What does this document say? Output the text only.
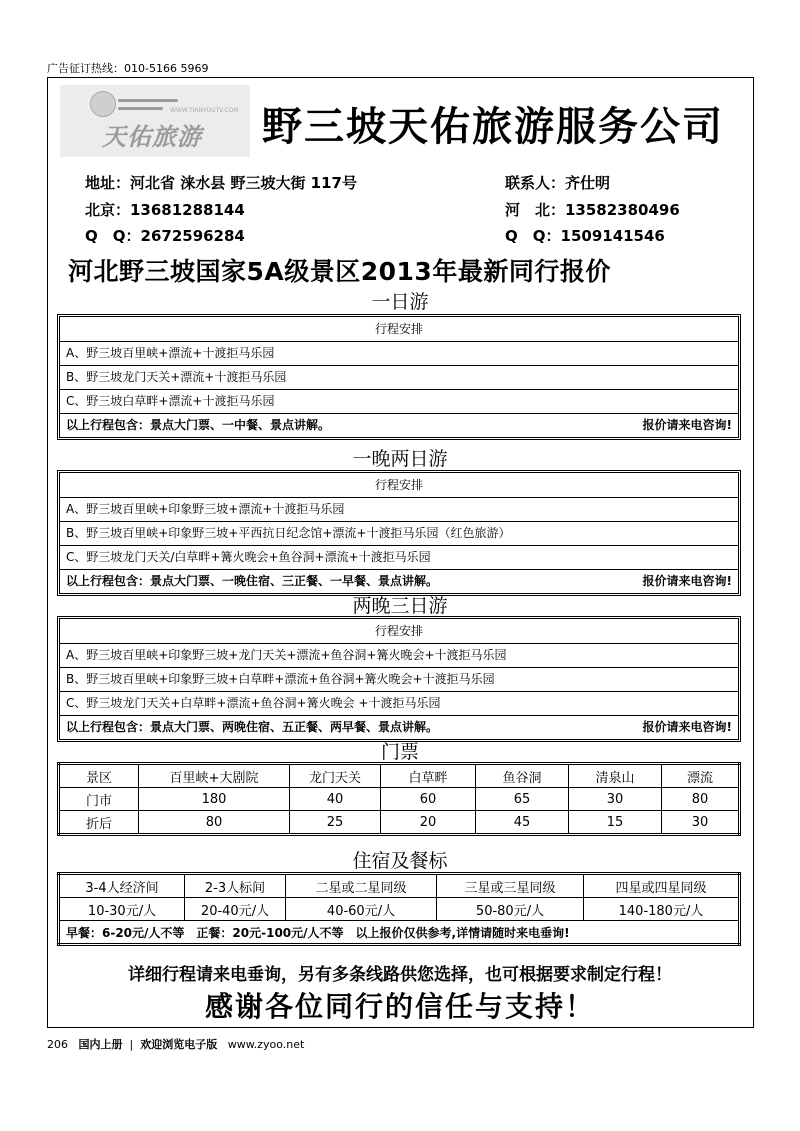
广告征订热线：010-5166 5969
WWW.TIANYOUTV.COM
天佑旅游 野三坡天佑旅游服务公司
地址：河北省 涞水县 野三坡大街 117号	联系人：齐仕明
北京：13681288144	河　北：13582380496
Q　Q：2672596284	Q　Q：1509141546
河北野三坡国家5A级景区2013年最新同行报价
一日游
行程安排
A、野三坡百里峡+漂流+十渡拒马乐园
B、野三坡龙门天关+漂流+十渡拒马乐园
C、野三坡白草畔+漂流+十渡拒马乐园
以上行程包含：景点大门票、一中餐、景点讲解。	报价请来电咨询!
一晚两日游
行程安排
A、野三坡百里峡+印象野三坡+漂流+十渡拒马乐园
B、野三坡百里峡+印象野三坡+平西抗日纪念馆+漂流+十渡拒马乐园（红色旅游）
C、野三坡龙门天关/白草畔+篝火晚会+鱼谷洞+漂流+十渡拒马乐园
以上行程包含：景点大门票、一晚住宿、三正餐、一早餐、景点讲解。	报价请来电咨询!
两晚三日游
行程安排
A、野三坡百里峡+印象野三坡+龙门天关+漂流+鱼谷洞+篝火晚会+十渡拒马乐园
B、野三坡百里峡+印象野三坡+白草畔+漂流+鱼谷洞+篝火晚会+十渡拒马乐园
C、野三坡龙门天关+白草畔+漂流+鱼谷洞+篝火晚会 +十渡拒马乐园
以上行程包含：景点大门票、两晚住宿、五正餐、两早餐、景点讲解。	报价请来电咨询!
门票
景区	百里峡+大剧院	龙门天关	白草畔	鱼谷洞	清泉山	漂流
门市	180	40	60	65	30	80
折后	80	25	20	45	15	30
住宿及餐标
3-4人经济间	2-3人标间	二星或二星同级	三星或三星同级	四星或四星同级
10-30元/人	20-40元/人	40-60元/人	50-80元/人	140-180元/人
早餐：6-20元/人不等　正餐：20元-100元/人不等　以上报价仅供参考,详情请随时来电垂询!				
详细行程请来电垂询，另有多条线路供您选择，也可根据要求制定行程！
感谢各位同行的信任与支持！
206 国内上册  |  欢迎浏览电子版 www.zyoo.net
